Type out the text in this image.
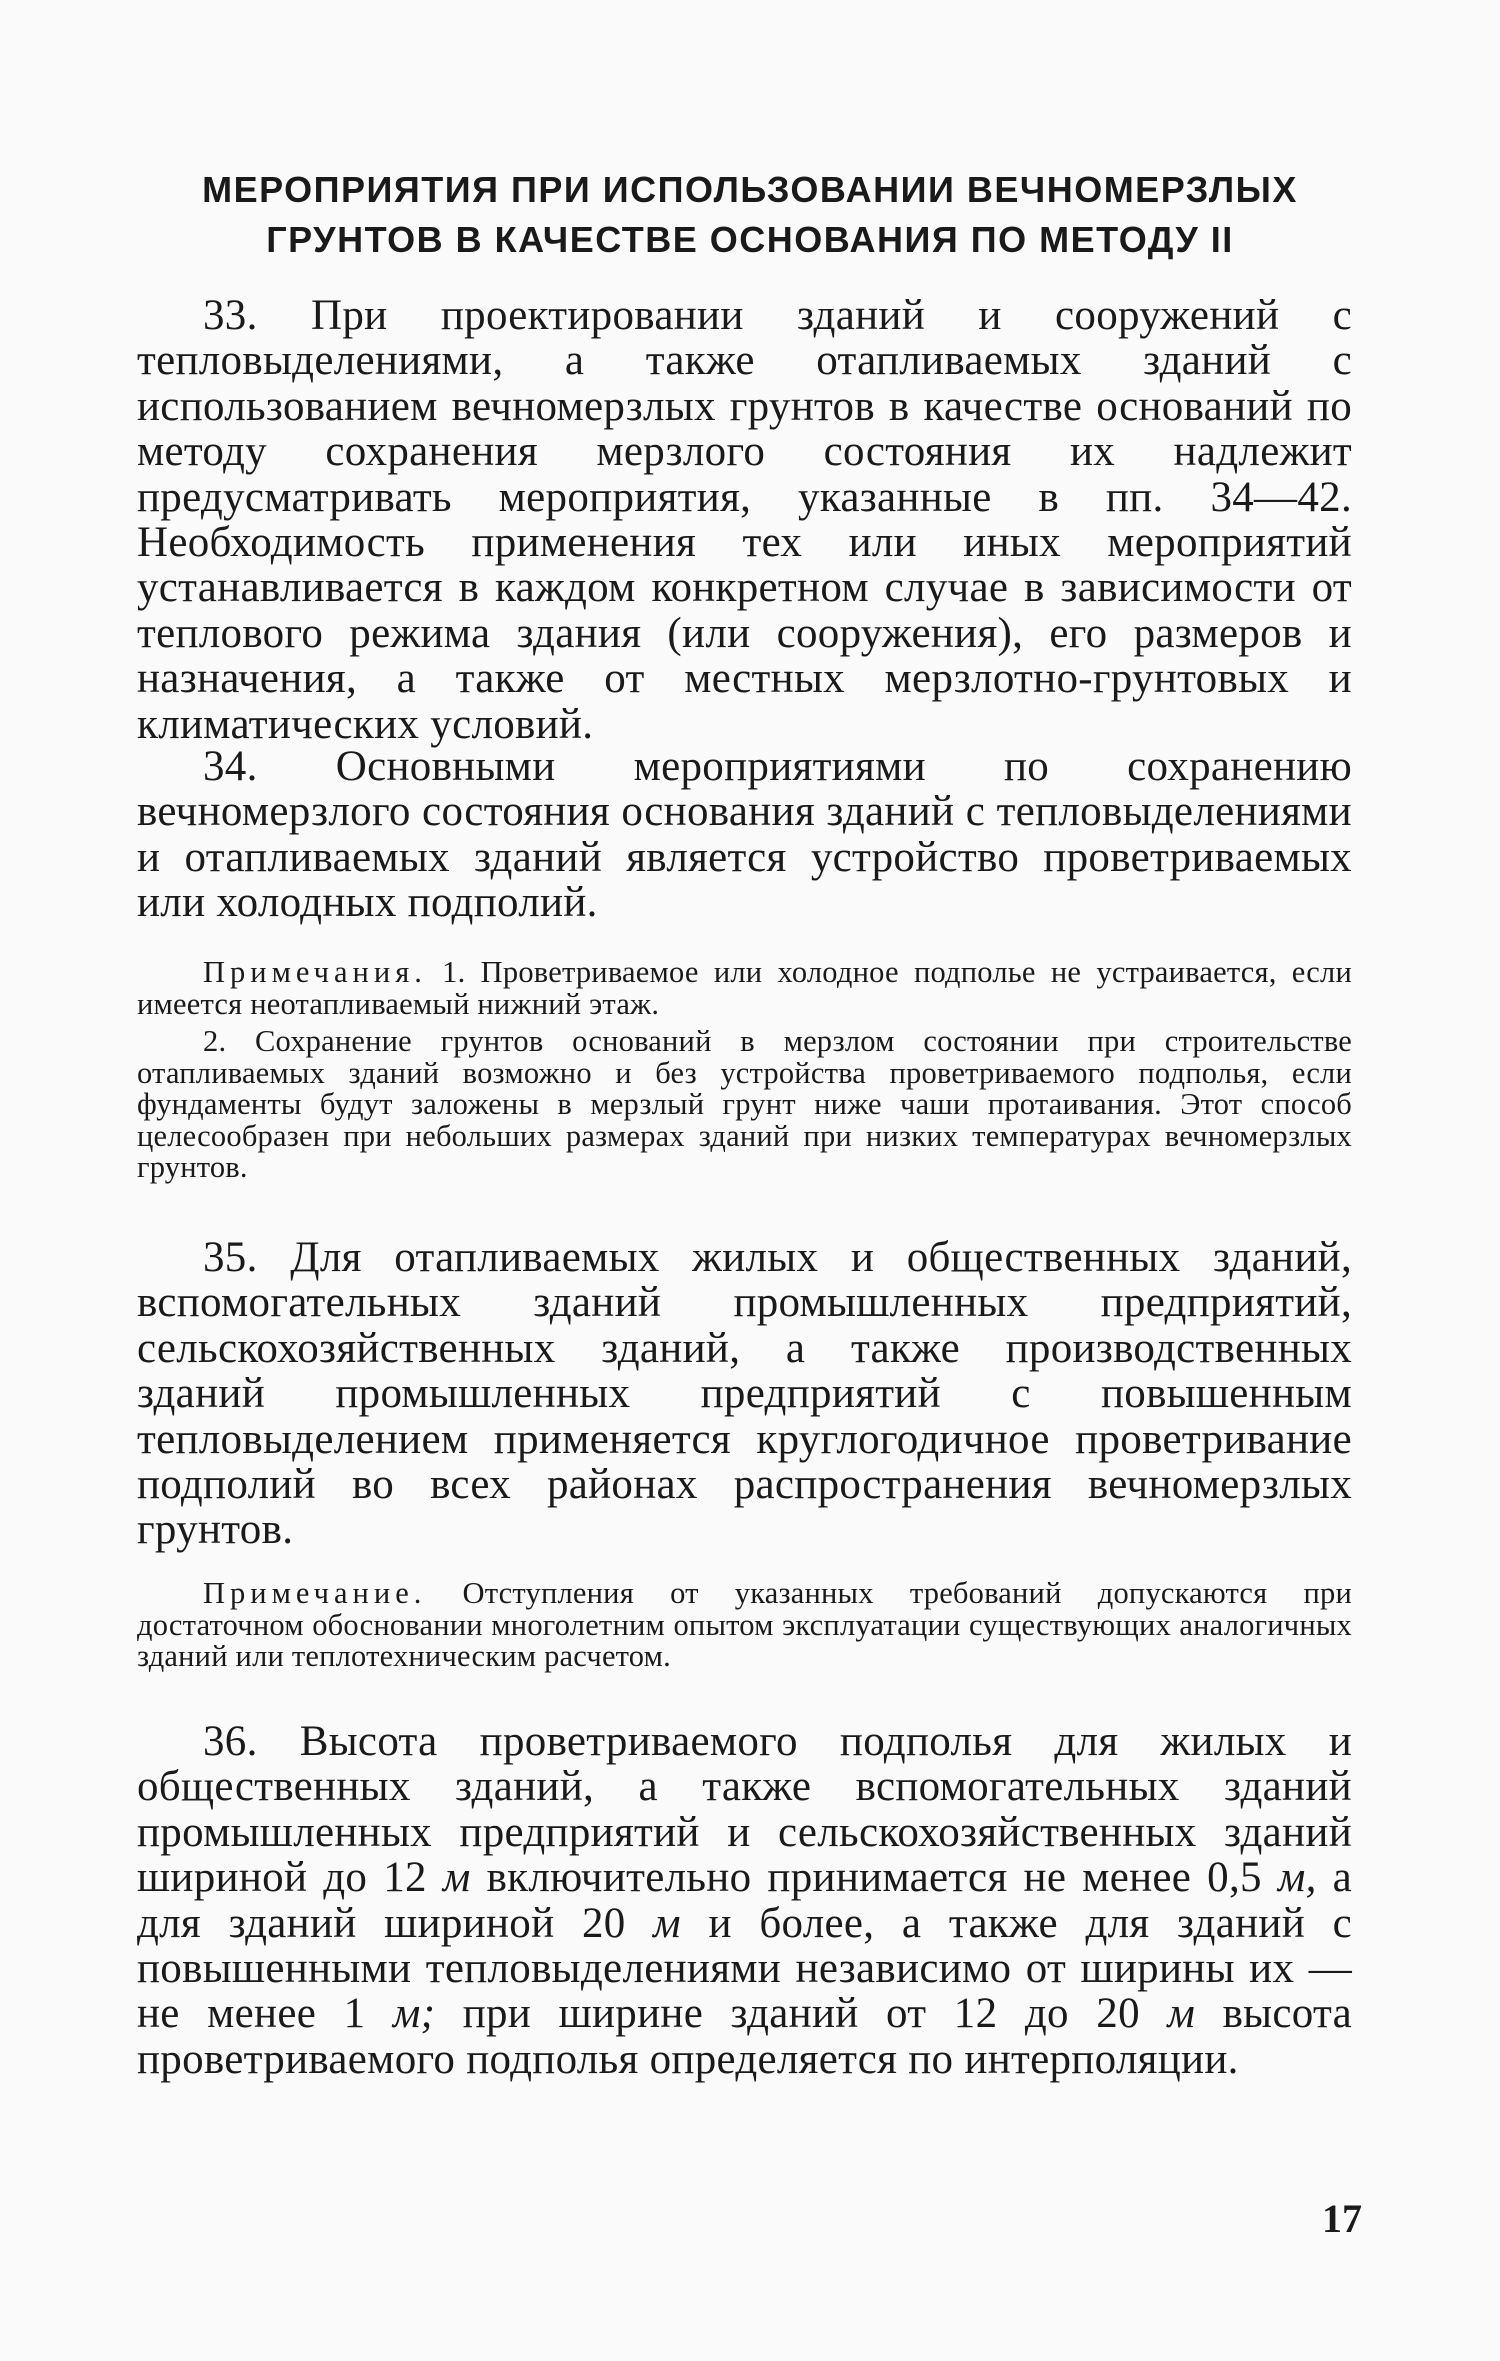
МЕРОПРИЯТИЯ ПРИ ИСПОЛЬЗОВАНИИ ВЕЧНОМЕРЗЛЫХ
ГРУНТОВ В КАЧЕСТВЕ ОСНОВАНИЯ ПО МЕТОДУ II

33. При проектировании зданий и сооружений с тепловыделениями, а также отапливаемых зданий с использованием вечномерзлых грунтов в качестве оснований по методу сохранения мерзлого состояния их надлежит предусматривать мероприятия, указанные в пп. 34—42. Необходимость применения тех или иных мероприятий устанавливается в каждом конкретном случае в зависимости от теплового режима здания (или сооружения), его размеров и назначения, а также от местных мерзлотно-грунтовых и климатических условий.

34. Основными мероприятиями по сохранению вечномерзлого состояния основания зданий с тепловыделениями и отапливаемых зданий является устройство проветриваемых или холодных подполий.

Примечания. 1. Проветриваемое или холодное подполье не устраивается, если имеется неотапливаемый нижний этаж.

2. Сохранение грунтов оснований в мерзлом состоянии при строительстве отапливаемых зданий возможно и без устройства проветриваемого подполья, если фундаменты будут заложены в мерзлый грунт ниже чаши протаивания. Этот способ целесообразен при небольших размерах зданий при низких температурах вечномерзлых грунтов.

35. Для отапливаемых жилых и общественных зданий, вспомогательных зданий промышленных предприятий, сельскохозяйственных зданий, а также производственных зданий промышленных предприятий с повышенным тепловыделением применяется круглогодичное проветривание подполий во всех районах распространения вечномерзлых грунтов.

Примечание. Отступления от указанных требований допускаются при достаточном обосновании многолетним опытом эксплуатации существующих аналогичных зданий или теплотехническим расчетом.

36. Высота проветриваемого подполья для жилых и общественных зданий, а также вспомогательных зданий промышленных предприятий и сельскохозяйственных зданий шириной до 12 м включительно принимается не менее 0,5 м, а для зданий шириной 20 м и более, а также для зданий с повышенными тепловыделениями независимо от ширины их — не менее 1 м; при ширине зданий от 12 до 20 м высота проветриваемого подполья определяется по интерполяции.

17
